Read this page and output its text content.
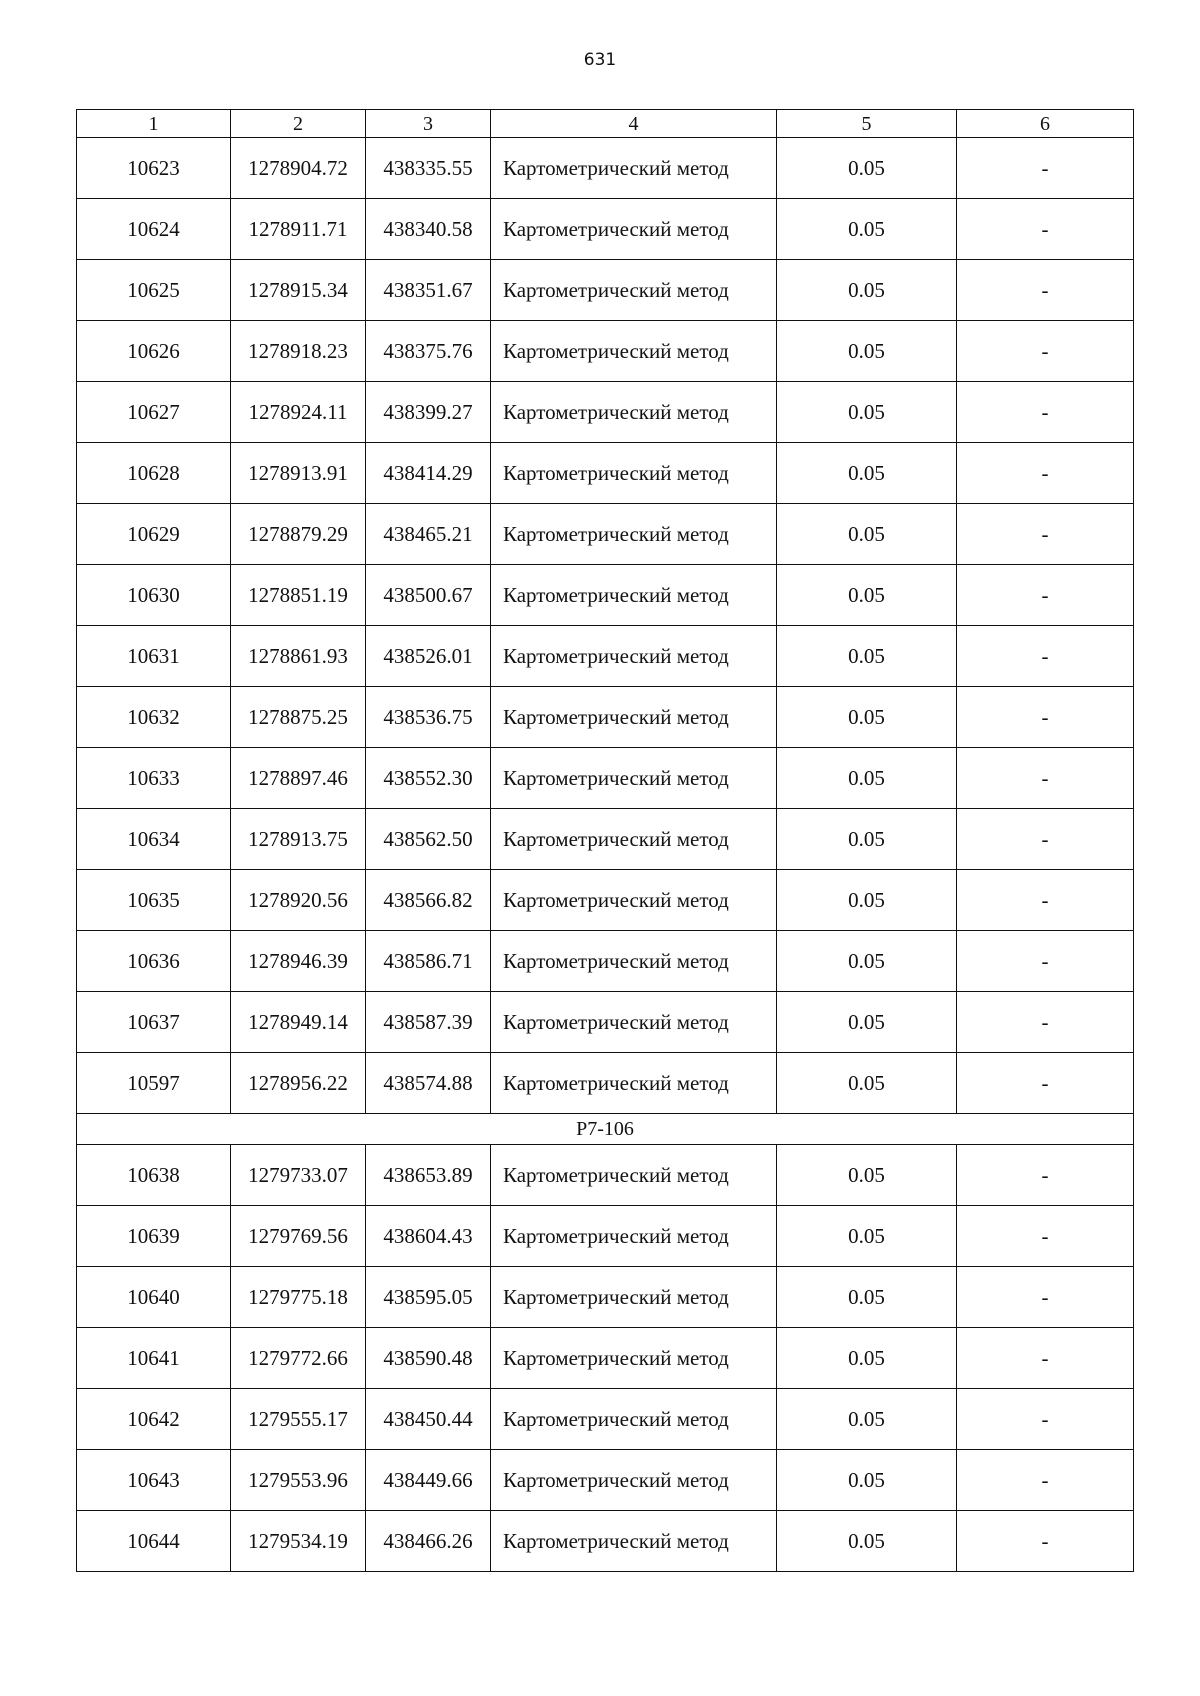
631
1	2	3	4	5	6
10623	1278904.72	438335.55	Картометрический метод	0.05	-
10624	1278911.71	438340.58	Картометрический метод	0.05	-
10625	1278915.34	438351.67	Картометрический метод	0.05	-
10626	1278918.23	438375.76	Картометрический метод	0.05	-
10627	1278924.11	438399.27	Картометрический метод	0.05	-
10628	1278913.91	438414.29	Картометрический метод	0.05	-
10629	1278879.29	438465.21	Картометрический метод	0.05	-
10630	1278851.19	438500.67	Картометрический метод	0.05	-
10631	1278861.93	438526.01	Картометрический метод	0.05	-
10632	1278875.25	438536.75	Картометрический метод	0.05	-
10633	1278897.46	438552.30	Картометрический метод	0.05	-
10634	1278913.75	438562.50	Картометрический метод	0.05	-
10635	1278920.56	438566.82	Картометрический метод	0.05	-
10636	1278946.39	438586.71	Картометрический метод	0.05	-
10637	1278949.14	438587.39	Картометрический метод	0.05	-
10597	1278956.22	438574.88	Картометрический метод	0.05	-
Р7-106					
10638	1279733.07	438653.89	Картометрический метод	0.05	-
10639	1279769.56	438604.43	Картометрический метод	0.05	-
10640	1279775.18	438595.05	Картометрический метод	0.05	-
10641	1279772.66	438590.48	Картометрический метод	0.05	-
10642	1279555.17	438450.44	Картометрический метод	0.05	-
10643	1279553.96	438449.66	Картометрический метод	0.05	-
10644	1279534.19	438466.26	Картометрический метод	0.05	-
